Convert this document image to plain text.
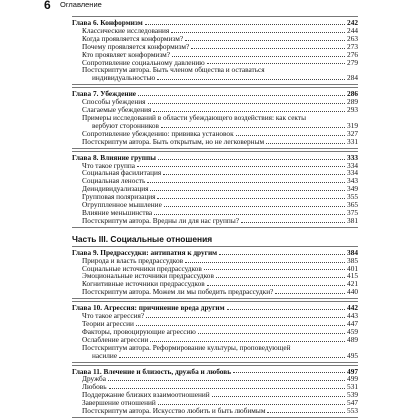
6 Оглавление
Глава 6. Конформизм	242
Классические исследования	244
Когда проявляется конформизм?	263
Почему проявляется конформизм?	273
Кто проявляет конформизм?	276
Сопротивление социальному давлению	279
Постскриптум автора. Быть членом общества и оставаться
индивидуальностью	284
Глава 7. Убеждение	286
Способы убеждения	289
Слагаемые убеждения	293
Примеры исследований в области убеждающего воздействия: как секты
вербуют сторонников	319
Сопротивление убеждению: прививка установок	327
Постскриптум автора. Быть открытым, но не легковерным	331
Глава 8. Влияние группы	333
Что такое группа	334
Социальная фасилитация	334
Социальная леность	343
Деиндивидуализация	349
Групповая поляризация	355
Огруппленное мышление	365
Влияние меньшинства	375
Постскриптум автора. Вредны ли для нас группы?	381
Часть III. Социальные отношения
Глава 9. Предрассудки: антипатия к другим	384
Природа и власть предрассудков	385
Социальные источники предрассудков	401
Эмоциональные источники предрассудков	415
Когнитивные источники предрассудков	421
Постскриптум автора. Можем ли мы победить предрассудки?	440
Глава 10. Агрессия: причинение вреда другим	442
Что такое агрессия?	443
Теории агрессии	447
Факторы, провоцирующие агрессию	459
Ослабление агрессии	489
Постскриптум автора. Реформирование культуры, проповедующей
насилие	495
Глава 11. Влечение и близость, дружба и любовь	497
Дружба	499
Любовь	531
Поддержание близких взаимоотношений	539
Завершение отношений	547
Постскриптум автора. Искусство любить и быть любимым	553
